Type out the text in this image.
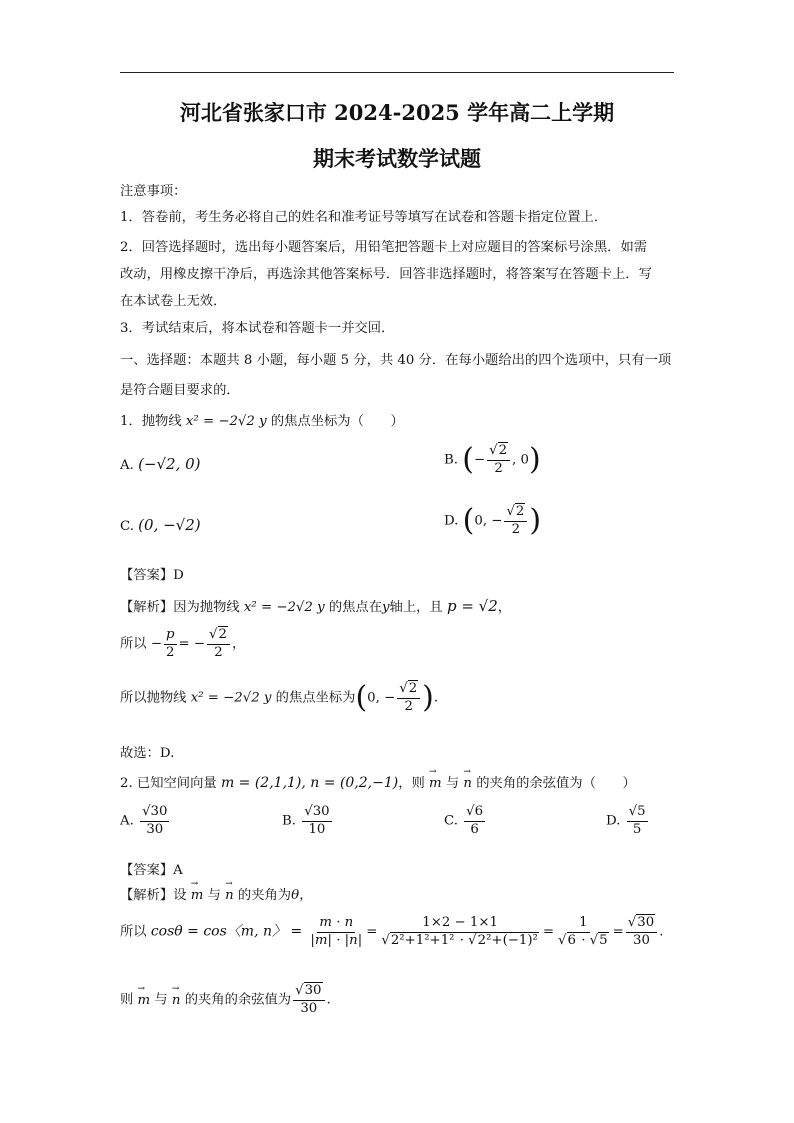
河北省张家口市 2024-2025 学年高二上学期
期末考试数学试题
注意事项：
1．答卷前，考生务必将自己的姓名和准考证号等填写在试卷和答题卡指定位置上．
2．回答选择题时，选出每小题答案后，用铅笔把答题卡上对应题目的答案标号涂黑．如需
改动，用橡皮擦干净后，再选涂其他答案标号．回答非选择题时，将答案写在答题卡上．写
在本试卷上无效．
3．考试结束后，将本试卷和答题卡一并交回．
一、选择题：本题共 8 小题，每小题 5 分，共 40 分．在每小题给出的四个选项中，只有一项
是符合题目要求的．
1．抛物线 x² = −2√2 y 的焦点坐标为（　　）
A. (−√2, 0)	B. (− $\frac{√2}{2}$ , 0)
C. (0, −√2)	D. (0, − $\frac{√2}{2}$ )
【答案】D
【解析】因为抛物线 x² = −2√2 y 的焦点在y轴上，且 p = √2，
所以 − $\frac{p}{2}$ = − $\frac{√2}{2}$ ，
所以抛物线 x² = −2√2 y 的焦点坐标为(0, − $\frac{√2}{2}$ ).
故选：D.
2. 已知空间向量 m = (2,1,1), n = (0,2,−1)，则 → m 与 → n 的夹角的余弦值为（　　）
A. $\frac{√30}{30}$	B. $\frac{√30}{10}$	C. $\frac{√6}{6}$	D. $\frac{√5}{5}$
【答案】A
【解析】设 → m 与 → n 的夹角为θ，
所以 cosθ = cos〈m, n〉 = $\frac{m \cdot n}{|m| \cdot |n|} = \frac{1\times 2 - 1\times 1}{\text{√2²+1²+1² · √2²+(−1)²}} = \frac{1}{√6 \cdot √5} = \frac{√30}{30}$ .
则 → m 与 → n 的夹角的余弦值为 $\frac{√30}{30}$ .
